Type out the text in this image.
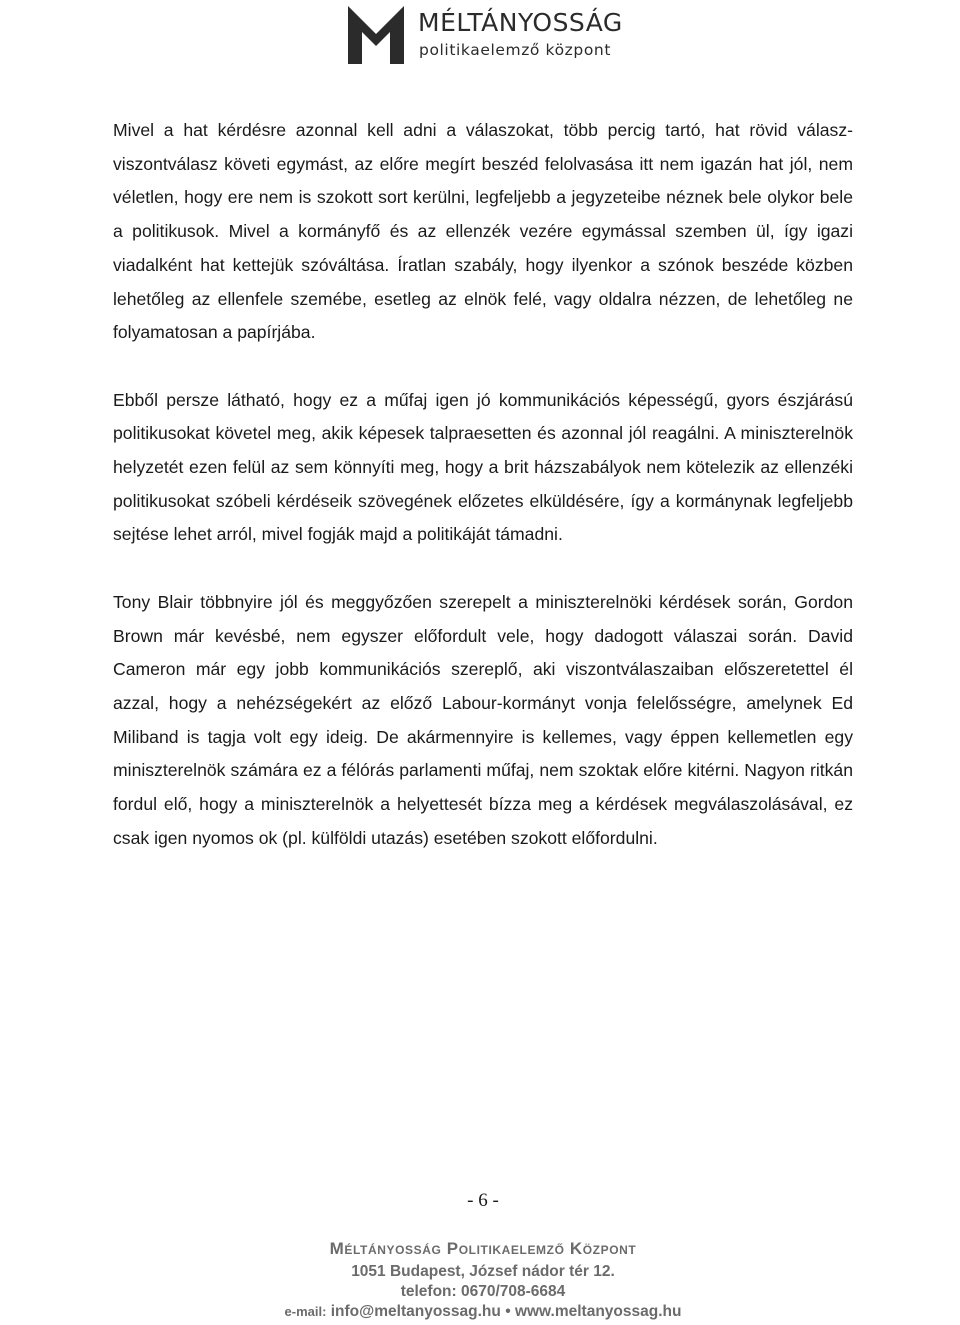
MÉLTÁNYOSSÁG
politikaelemző központ

Mivel a hat kérdésre azonnal kell adni a válaszokat, több percig tartó, hat rövid válasz-viszontválasz követi egymást, az előre megírt beszéd felolvasása itt nem igazán hat jól, nem véletlen, hogy ere nem is szokott sort kerülni, legfeljebb a jegyzeteibe néznek bele olykor bele a politikusok. Mivel a kormányfő és az ellenzék vezére egymással szemben ül, így igazi viadalként hat kettejük szóváltása. Íratlan szabály, hogy ilyenkor a szónok beszéde közben lehetőleg az ellenfele szemébe, esetleg az elnök felé, vagy oldalra nézzen, de lehetőleg ne folyamatosan a papírjába.

Ebből persze látható, hogy ez a műfaj igen jó kommunikációs képességű, gyors észjárású politikusokat követel meg, akik képesek talpraesetten és azonnal jól reagálni. A miniszterelnök helyzetét ezen felül az sem könnyíti meg, hogy a brit házszabályok nem kötelezik az ellenzéki politikusokat szóbeli kérdéseik szövegének előzetes elküldésére, így a kormánynak legfeljebb sejtése lehet arról, mivel fogják majd a politikáját támadni.

Tony Blair többnyire jól és meggyőzően szerepelt a miniszterelnöki kérdések során, Gordon Brown már kevésbé, nem egyszer előfordult vele, hogy dadogott válaszai során. David Cameron már egy jobb kommunikációs szereplő, aki viszontválaszaiban előszeretettel él azzal, hogy a nehézségekért az előző Labour-kormányt vonja felelősségre, amelynek Ed Miliband is tagja volt egy ideig. De akármennyire is kellemes, vagy éppen kellemetlen egy miniszterelnök számára ez a félórás parlamenti műfaj, nem szoktak előre kitérni. Nagyon ritkán fordul elő, hogy a miniszterelnök a helyettesét bízza meg a kérdések megválaszolásával, ez csak igen nyomos ok (pl. külföldi utazás) esetében szokott előfordulni.

- 6 -
Méltányosság Politikaelemző Központ
1051 Budapest, József nádor tér 12.
telefon: 0670/708-6684
e-mail: info@meltanyossag.hu • www.meltanyossag.hu
